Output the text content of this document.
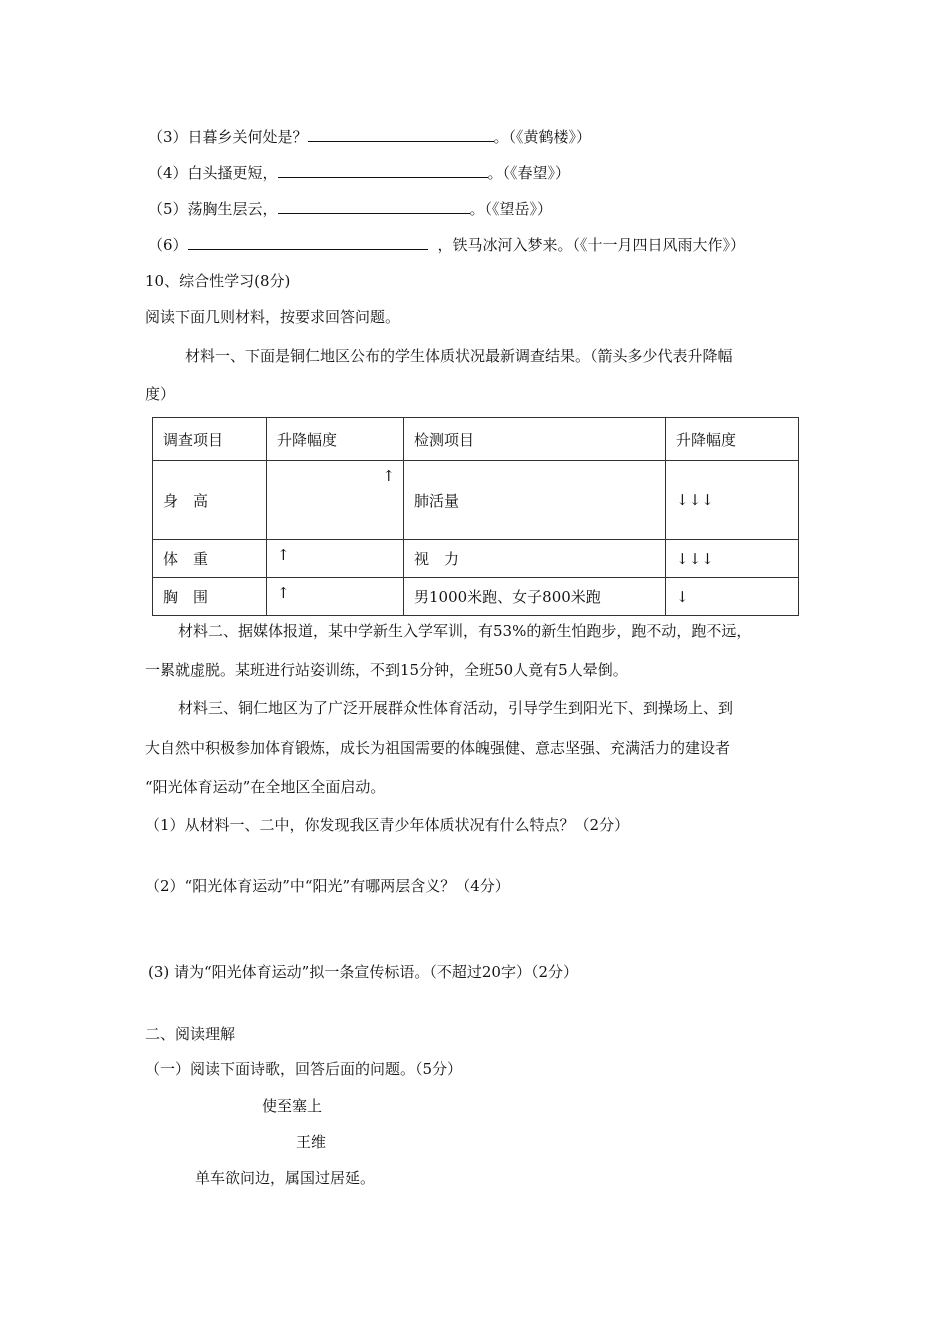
（3）日暮乡关何处是？	。（《黄鹤楼》）
（4）白头搔更短，	。（《春望》）
（5）荡胸生层云，	。（《望岳》）
（6）	，铁马冰河入梦来。（《十一月四日风雨大作》）
10、综合性学习(8分)
阅读下面几则材料，按要求回答问题。
材料一、下面是铜仁地区公布的学生体质状况最新调查结果。（箭头多少代表升降幅
度）
调查项目	升降幅度	检测项目	升降幅度
身　高	↑	肺活量	↓↓↓
体　重	↑	视　力	↓↓↓
胸　围	↑	男1000米跑、女子800米跑	↓
材料二、据媒体报道，某中学新生入学军训，有53%的新生怕跑步，跑不动，跑不远，
一累就虚脱。某班进行站姿训练，不到15分钟，全班50人竟有5人晕倒。
材料三、铜仁地区为了广泛开展群众性体育活动，引导学生到阳光下、到操场上、到
大自然中积极参加体育锻炼，成长为祖国需要的体魄强健、意志坚强、充满活力的建设者
“阳光体育运动”在全地区全面启动。
（1）从材料一、二中，你发现我区青少年体质状况有什么特点？（2分）
（2）“阳光体育运动”中“阳光”有哪两层含义？（4分）
(3) 请为“阳光体育运动”拟一条宣传标语。（不超过20字）（2分）
二、阅读理解
（一）阅读下面诗歌，回答后面的问题。（5分）
使至塞上
王维
单车欲问边，属国过居延。
